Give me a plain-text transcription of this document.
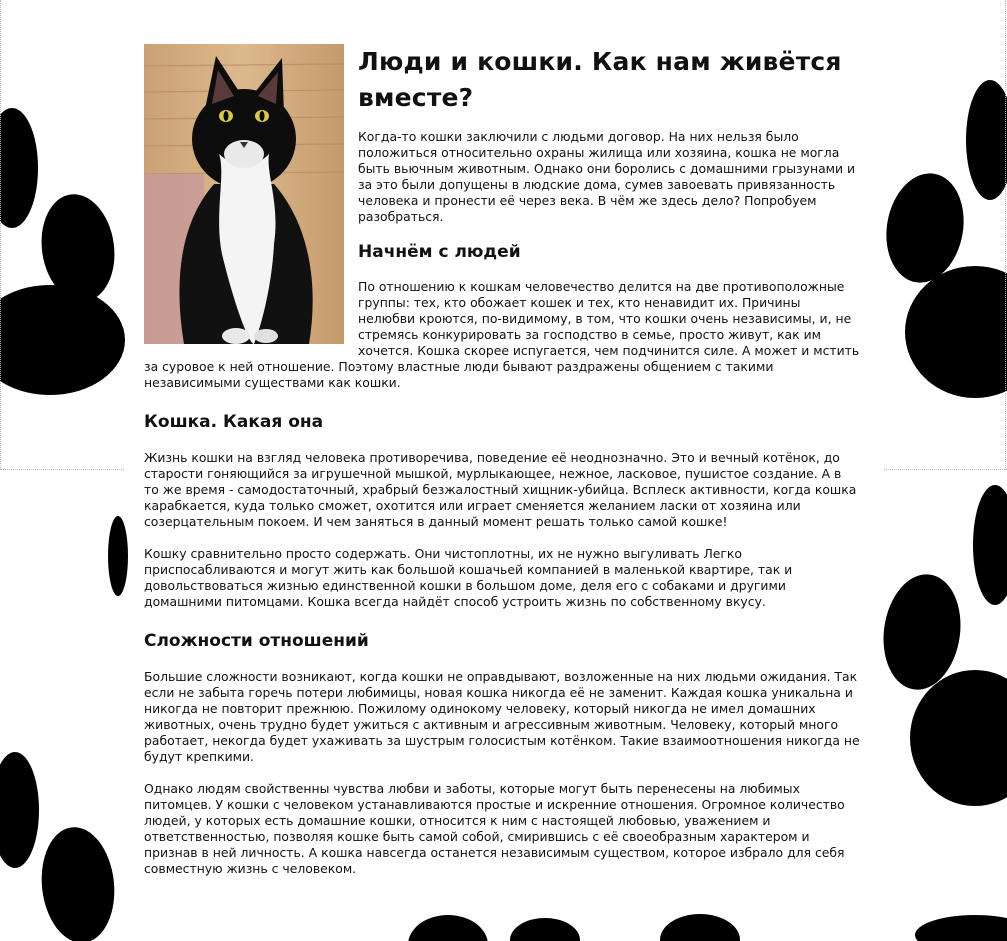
Люди и кошки. Как нам живётся вместе?

Когда-то кошки заключили с людьми договор. На них нельзя было положиться относительно охраны жилища или хозяина, кошка не могла быть вьючным животным. Однако они боролись с домашними грызунами и за это были допущены в людские дома, сумев завоевать привязанность человека и пронести её через века. В чём же здесь дело? Попробуем разобраться.

Начнём с людей

По отношению к кошкам человечество делится на две противоположные группы: тех, кто обожает кошек и тех, кто ненавидит их. Причины нелюбви кроются, по-видимому, в том, что кошки очень независимы, и, не стремясь конкурировать за господство в семье, просто живут, как им хочется. Кошка скорее испугается, чем подчинится силе. А может и мстить за суровое к ней отношение. Поэтому властные люди бывают раздражены общением с такими независимыми существами как кошки.

Кошка. Какая она

Жизнь кошки на взгляд человека противоречива, поведение её неоднозначно. Это и вечный котёнок, до старости гоняющийся за игрушечной мышкой, мурлыкающее, нежное, ласковое, пушистое создание. А в то же время - самодостаточный, храбрый безжалостный хищник-убийца. Всплеск активности, когда кошка карабкается, куда только сможет, охотится или играет сменяется желанием ласки от хозяина или созерцательным покоем. И чем заняться в данный момент решать только самой кошке!

Кошку сравнительно просто содержать. Они чистоплотны, их не нужно выгуливать Легко приспосабливаются и могут жить как большой кошачьей компанией в маленькой квартире, так и довольствоваться жизнью единственной кошки в большом доме, деля его с собаками и другими домашними питомцами. Кошка всегда найдёт способ устроить жизнь по собственному вкусу.

Сложности отношений

Большие сложности возникают, когда кошки не оправдывают, возложенные на них людьми ожидания. Так если не забыта горечь потери любимицы, новая кошка никогда её не заменит. Каждая кошка уникальна и никогда не повторит прежнюю. Пожилому одинокому человеку, который никогда не имел домашних животных, очень трудно будет ужиться с активным и агрессивным животным. Человеку, который много работает, некогда будет ухаживать за шустрым голосистым котёнком. Такие взаимоотношения никогда не будут крепкими.

Однако людям свойственны чувства любви и заботы, которые могут быть перенесены на любимых питомцев. У кошки с человеком устанавливаются простые и искренние отношения. Огромное количество людей, у которых есть домашние кошки, относится к ним с настоящей любовью, уважением и ответственностью, позволяя кошке быть самой собой, смирившись с её своеобразным характером и признав в ней личность. А кошка навсегда останется независимым существом, которое избрало для себя совместную жизнь с человеком.
